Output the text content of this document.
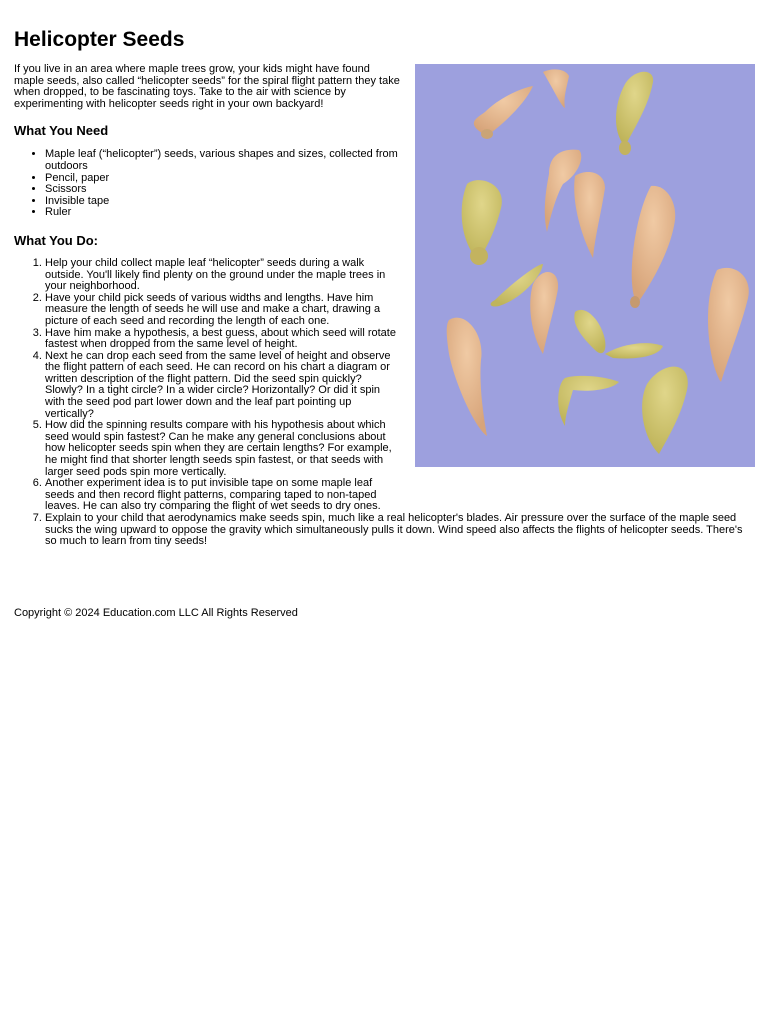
Helicopter Seeds

If you live in an area where maple trees grow, your kids might have found maple seeds, also called “helicopter seeds” for the spiral flight pattern they take when dropped, to be fascinating toys. Take to the air with science by experimenting with helicopter seeds right in your own backyard!

What You Need
• Maple leaf (“helicopter”) seeds, various shapes and sizes, collected from outdoors
• Pencil, paper
• Scissors
• Invisible tape
• Ruler
What You Do:
1. Help your child collect maple leaf “helicopter” seeds during a walk outside. You'll likely find plenty on the ground under the maple trees in your neighborhood.
2. Have your child pick seeds of various widths and lengths. Have him measure the length of seeds he will use and make a chart, drawing a picture of each seed and recording the length of each one.
3. Have him make a hypothesis, a best guess, about which seed will rotate fastest when dropped from the same level of height.
4. Next he can drop each seed from the same level of height and observe the flight pattern of each seed. He can record on his chart a diagram or written description of the flight pattern. Did the seed spin quickly? Slowly? In a tight circle? In a wider circle? Horizontally? Or did it spin with the seed pod part lower down and the leaf part pointing up vertically?
5. How did the spinning results compare with his hypothesis about which seed would spin fastest? Can he make any general conclusions about how helicopter seeds spin when they are certain lengths? For example, he might find that shorter length seeds spin fastest, or that seeds with larger seed pods spin more vertically.
6. Another experiment idea is to put invisible tape on some maple leaf seeds and then record flight patterns, comparing taped to non-taped leaves. He can also try comparing the flight of wet seeds to dry ones.
7. Explain to your child that aerodynamics make seeds spin, much like a real helicopter's blades. Air pressure over the surface of the maple seed sucks the wing upward to oppose the gravity which simultaneously pulls it down. Wind speed also affects the flights of helicopter seeds. There's so much to learn from tiny seeds!

Copyright © 2024 Education.com LLC All Rights Reserved
